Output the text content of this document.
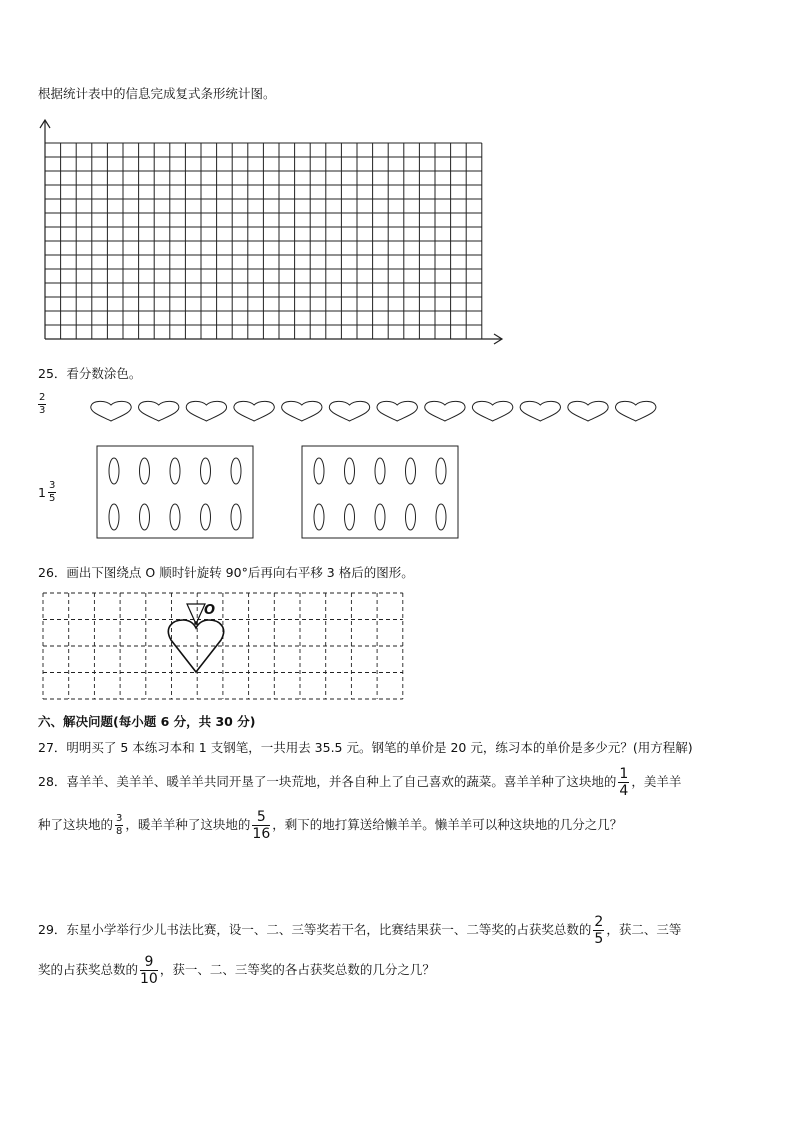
根据统计表中的信息完成复式条形统计图。
25．看分数涂色。
$\frac{2}{3}$
$1 \frac{3}{5}$
26．画出下图绕点 O 顺时针旋转 90°后再向右平移 3 格后的图形。
O
六、解决问题(每小题 6 分，共 30 分)
27．明明买了 5 本练习本和 1 支钢笔，一共用去 35.5 元。钢笔的单价是 20 元，练习本的单价是多少元？(用方程解)
28．喜羊羊、美羊羊、暖羊羊共同开垦了一块荒地，并各自种上了自己喜欢的蔬菜。喜羊羊种了这块地的 $\frac{1}{4}$ ，美羊羊
种了这块地的 $\frac{3}{8}$ ，暖羊羊种了这块地的 $\frac{5}{16}$ ，剩下的地打算送给懒羊羊。懒羊羊可以种这块地的几分之几？
29．东星小学举行少儿书法比赛，设一、二、三等奖若干名，比赛结果获一、二等奖的占获奖总数的 $\frac{2}{5}$ ，获二、三等
奖的占获奖总数的 $\frac{9}{10}$ ，获一、二、三等奖的各占获奖总数的几分之几？
